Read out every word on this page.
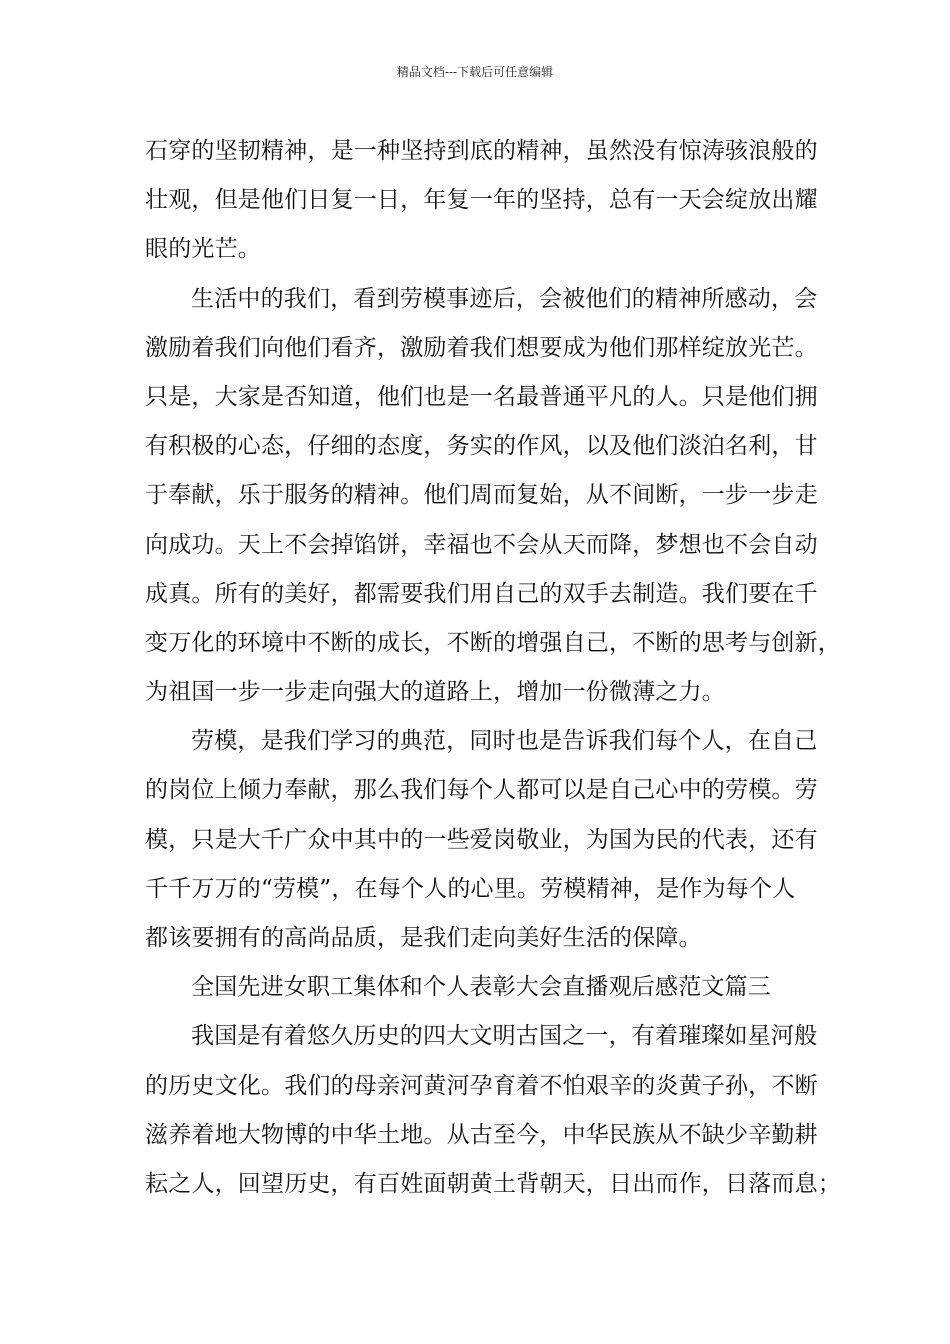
精品文档---下载后可任意编辑
石穿的坚韧精神，是一种坚持到底的精神，虽然没有惊涛骇浪般的
壮观，但是他们日复一日，年复一年的坚持，总有一天会绽放出耀
眼的光芒。
生活中的我们，看到劳模事迹后，会被他们的精神所感动，会
激励着我们向他们看齐，激励着我们想要成为他们那样绽放光芒。
只是，大家是否知道，他们也是一名最普通平凡的人。只是他们拥
有积极的心态，仔细的态度，务实的作风，以及他们淡泊名利，甘
于奉献，乐于服务的精神。他们周而复始，从不间断，一步一步走
向成功。天上不会掉馅饼，幸福也不会从天而降，梦想也不会自动
成真。所有的美好，都需要我们用自己的双手去制造。我们要在千
变万化的环境中不断的成长，不断的增强自己，不断的思考与创新，
为祖国一步一步走向强大的道路上，增加一份微薄之力。
劳模，是我们学习的典范，同时也是告诉我们每个人，在自己
的岗位上倾力奉献，那么我们每个人都可以是自己心中的劳模。劳
模，只是大千广众中其中的一些爱岗敬业，为国为民的代表，还有
千千万万的“劳模”，在每个人的心里。劳模精神，是作为每个人
都该要拥有的高尚品质，是我们走向美好生活的保障。
全国先进女职工集体和个人表彰大会直播观后感范文篇三
我国是有着悠久历史的四大文明古国之一，有着璀璨如星河般
的历史文化。我们的母亲河黄河孕育着不怕艰辛的炎黄子孙，不断
滋养着地大物博的中华土地。从古至今，中华民族从不缺少辛勤耕
耘之人，回望历史，有百姓面朝黄土背朝天，日出而作，日落而息；
